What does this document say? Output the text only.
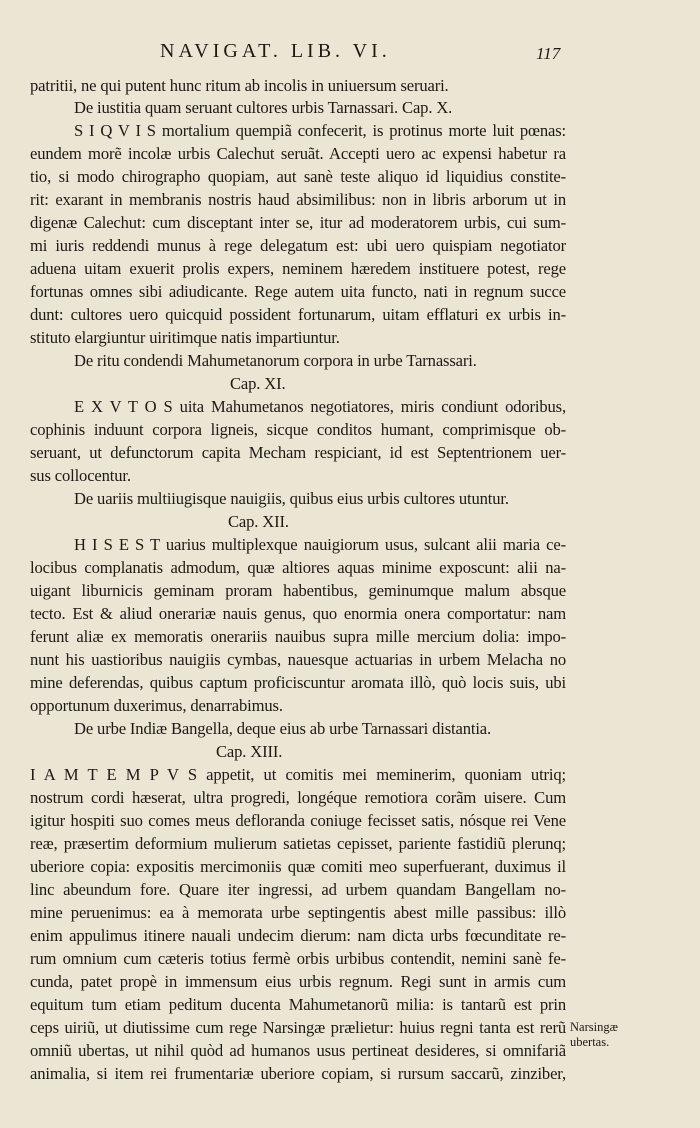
NAVIGAT. LIB. VI.	117
patritii, ne qui putent hunc ritum ab incolis in uniuersum seruari.
De iustitia quam seruant cultores urbis Tarnassari. Cap. X.
S I Q V I S mortalium quempiã confecerit, is protinus morte luit pœnas:
eundem morẽ incolæ urbis Calechut seruãt. Accepti uero ac expensi habetur ra
tio, si modo chirographo quopiam, aut sanè teste aliquo id liquidius constite-
rit: exarant in membranis nostris haud absimilibus: non in libris arborum ut in
digenæ Calechut: cum disceptant inter se, itur ad moderatorem urbis, cui sum-
mi iuris reddendi munus à rege delegatum est: ubi uero quispiam negotiator
aduena uitam exuerit prolis expers, neminem hæredem instituere potest, rege
fortunas omnes sibi adiudicante. Rege autem uita functo, nati in regnum succe
dunt: cultores uero quicquid possident fortunarum, uitam efflaturi ex urbis in-
stituto elargiuntur uiritimque natis impartiuntur.
De ritu condendi Mahumetanorum corpora in urbe Tarnassari.
Cap. XI.
E X V T O S uita Mahumetanos negotiatores, miris condiunt odoribus,
cophinis induunt corpora ligneis, sicque conditos humant, comprimisque ob-
seruant, ut defunctorum capita Mecham respiciant, id est Septentrionem uer-
sus collocentur.
De uariis multiiugisque nauigiis, quibus eius urbis cultores utuntur.
Cap. XII.
H I S E S T uarius multiplexque nauigiorum usus, sulcant alii maria ce-
locibus complanatis admodum, quæ altiores aquas minime exposcunt: alii na-
uigant liburnicis geminam proram habentibus, geminumque malum absque
tecto. Est & aliud onerariæ nauis genus, quo enormia onera comportatur: nam
ferunt aliæ ex memoratis onerariis nauibus supra mille mercium dolia: impo-
nunt his uastioribus nauigiis cymbas, nauesque actuarias in urbem Melacha no
mine deferendas, quibus captum proficiscuntur aromata illò, quò locis suis, ubi
opportunum duxerimus, denarrabimus.
De urbe Indiæ Bangella, deque eius ab urbe Tarnassari distantia.
Cap. XIII.
I A M T E M P V S appetit, ut comitis mei meminerim, quoniam utriq;
nostrum cordi hæserat, ultra progredi, longéque remotiora corãm uisere. Cum
igitur hospiti suo comes meus defloranda coniuge fecisset satis, nósque rei Vene
reæ, præsertim deformium mulierum satietas cepisset, pariente fastidiũ plerunq;
uberiore copia: expositis mercimoniis quæ comiti meo superfuerant, duximus il
linc abeundum fore. Quare iter ingressi, ad urbem quandam Bangellam no-
mine peruenimus: ea à memorata urbe septingentis abest mille passibus: illò
enim appulimus itinere nauali undecim dierum: nam dicta urbs fœcunditate re-
rum omnium cum cæteris totius fermè orbis urbibus contendit, nemini sanè fe-
cunda, patet propè in immensum eius urbis regnum. Regi sunt in armis cum
equitum tum etiam peditum ducenta Mahumetanorũ milia: is tantarũ est prin
ceps uiriũ, ut diutissime cum rege Narsingæ prælietur: huius regni tanta est rerũ
omniũ ubertas, ut nihil quòd ad humanos usus pertineat desideres, si omnifariã
animalia, si item rei frumentariæ uberiore copiam, si rursum saccarũ, zinziber,
Narsingæ
ubertas.
